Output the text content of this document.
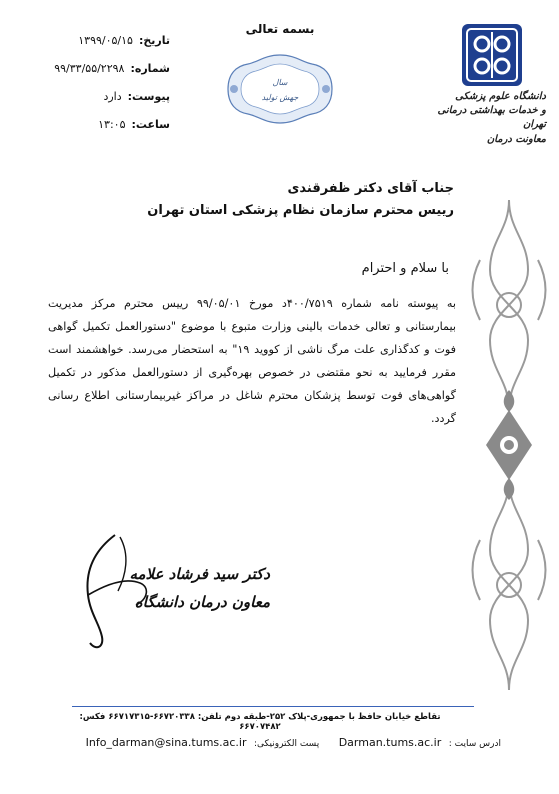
بسمه تعالی
تاریخ:۱۳۹۹/۰۵/۱۵
شماره:۹۹/۳۳/۵۵/۲۲۹۸
پیوست:دارد
ساعت:۱۳:۰۵
سال
جهش تولید	دانشگاه علوم پزشکی
و خدمات بهداشتی درمانی تهران
معاونت درمان
جناب آقای دکتر ظفرقندی
رییس محترم سازمان نظام پزشکی استان تهران
با سلام و احترام
به پیوسته نامه شماره ۴۰۰/۷۵۱۹د مورخ ۹۹/۰۵/۰۱ رییس محترم مرکز مدیریت بیمارستانی و تعالی خدمات بالینی وزارت متبوع با موضوع "دستورالعمل تکمیل گواهی فوت و کدگذاری علت مرگ ناشی از کووید ۱۹" به استحضار می‌رسد. خواهشمند است مقرر فرمایید به نحو مقتضی در خصوص بهره‌گیری از دستورالعمل مذکور در تکمیل گواهی‌های فوت توسط پزشکان محترم شاغل در مراکز غیربیمارستانی اطلاع رسانی گردد.
دکتر سید فرشاد علامه
معاون درمان دانشگاه
تقاطع خیابان حافظ با جمهوری-پلاک ۲۵۲-طبقه دوم تلفن: ۶۶۷۲۰۳۳۸-۶۶۷۱۷۳۱۵ فکس: ۶۶۷۰۷۴۸۲
ادرس سایت : Darman.tums.ac.ir پست الکترونیکی: Info_darman@sina.tums.ac.ir
